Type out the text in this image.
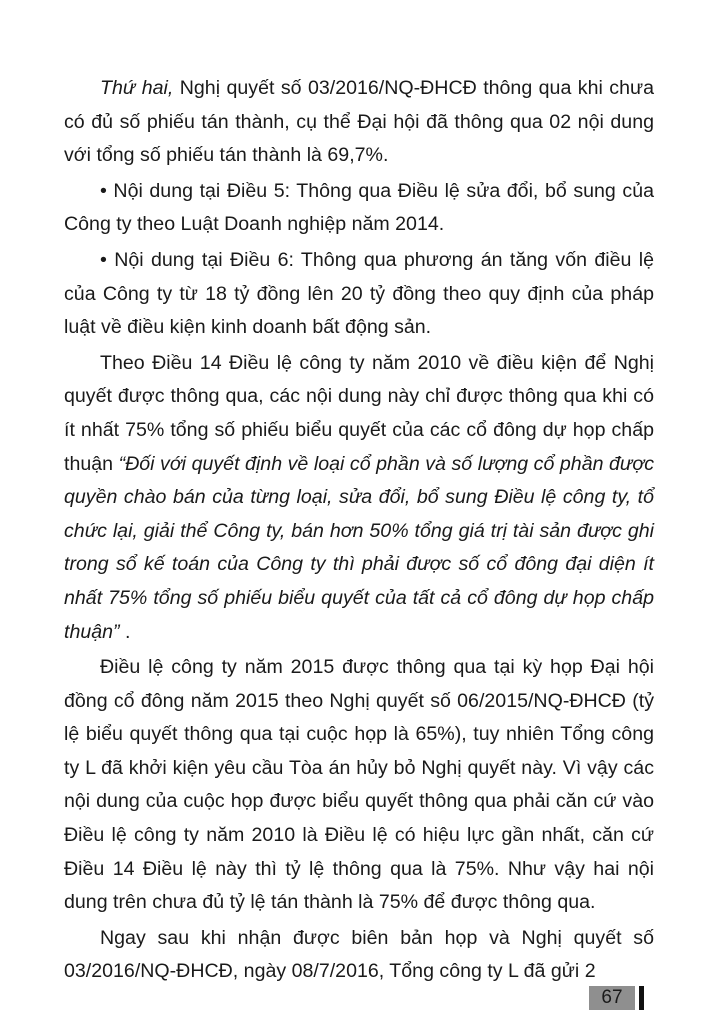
Thứ hai, Nghị quyết số 03/2016/NQ-ĐHCĐ thông qua khi chưa có đủ số phiếu tán thành, cụ thể Đại hội đã thông qua 02 nội dung với tổng số phiếu tán thành là 69,7%.

• Nội dung tại Điều 5: Thông qua Điều lệ sửa đổi, bổ sung của Công ty theo Luật Doanh nghiệp năm 2014.

• Nội dung tại Điều 6: Thông qua phương án tăng vốn điều lệ của Công ty từ 18 tỷ đồng lên 20 tỷ đồng theo quy định của pháp luật về điều kiện kinh doanh bất động sản.

Theo Điều 14 Điều lệ công ty năm 2010 về điều kiện để Nghị quyết được thông qua, các nội dung này chỉ được thông qua khi có ít nhất 75% tổng số phiếu biểu quyết của các cổ đông dự họp chấp thuận “Đối với quyết định về loại cổ phần và số lượng cổ phần được quyền chào bán của từng loại, sửa đổi, bổ sung Điều lệ công ty, tổ chức lại, giải thể Công ty, bán hơn 50% tổng giá trị tài sản được ghi trong sổ kế toán của Công ty thì phải được số cổ đông đại diện ít nhất 75% tổng số phiếu biểu quyết của tất cả cổ đông dự họp chấp thuận” .

Điều lệ công ty năm 2015 được thông qua tại kỳ họp Đại hội đồng cổ đông năm 2015 theo Nghị quyết số 06/2015/NQ-ĐHCĐ (tỷ lệ biểu quyết thông qua tại cuộc họp là 65%), tuy nhiên Tổng công ty L đã khởi kiện yêu cầu Tòa án hủy bỏ Nghị quyết này. Vì vậy các nội dung của cuộc họp được biểu quyết thông qua phải căn cứ vào Điều lệ công ty năm 2010 là Điều lệ có hiệu lực gần nhất, căn cứ Điều 14 Điều lệ này thì tỷ lệ thông qua là 75%. Như vậy hai nội dung trên chưa đủ tỷ lệ tán thành là 75% để được thông qua.

Ngay sau khi nhận được biên bản họp và Nghị quyết số 03/2016/NQ-ĐHCĐ, ngày 08/7/2016, Tổng công ty L đã gửi 2

67
